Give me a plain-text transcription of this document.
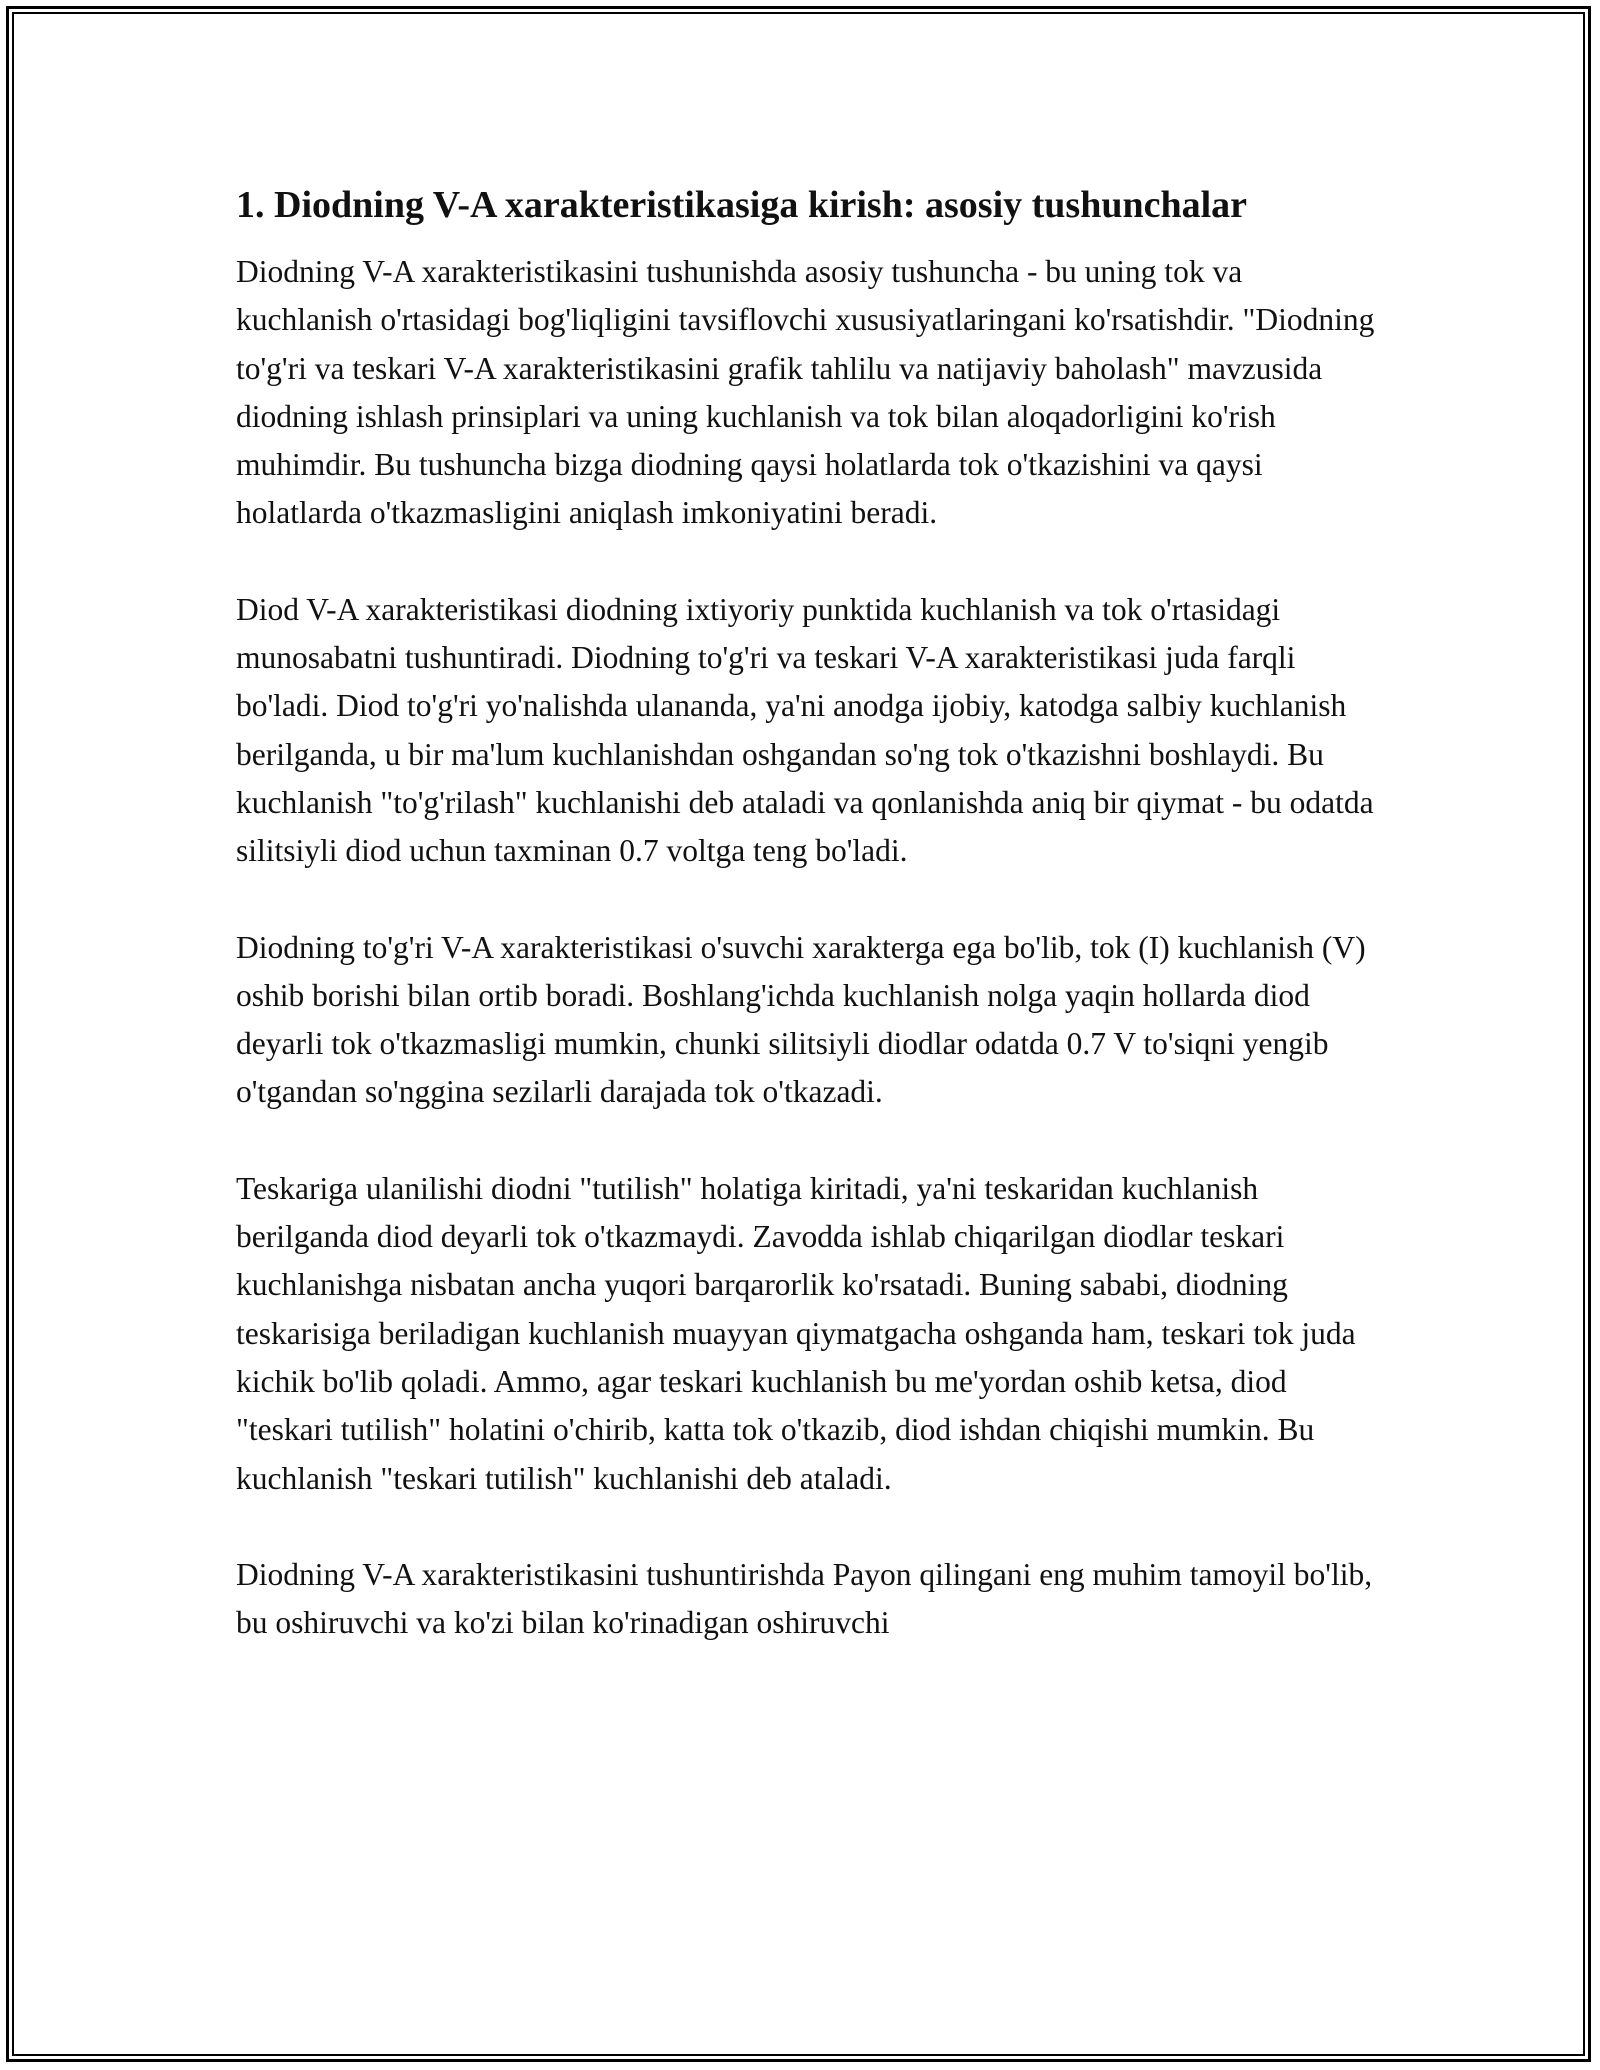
1. Diodning V-A xarakteristikasiga kirish: asosiy tushunchalar

Diodning V-A xarakteristikasini tushunishda asosiy tushuncha - bu uning tok va kuchlanish o'rtasidagi bog'liqligini tavsiflovchi xususiyatlaringani ko'rsatishdir. "Diodning to'g'ri va teskari V-A xarakteristikasini grafik tahlilu va natijaviy baholash" mavzusida diodning ishlash prinsiplari va uning kuchlanish va tok bilan aloqadorligini ko'rish muhimdir. Bu tushuncha bizga diodning qaysi holatlarda tok o'tkazishini va qaysi holatlarda o'tkazmasligini aniqlash imkoniyatini beradi.

Diod V-A xarakteristikasi diodning ixtiyoriy punktida kuchlanish va tok o'rtasidagi munosabatni tushuntiradi. Diodning to'g'ri va teskari V-A xarakteristikasi juda farqli bo'ladi. Diod to'g'ri yo'nalishda ulananda, ya'ni anodga ijobiy, katodga salbiy kuchlanish berilganda, u bir ma'lum kuchlanishdan oshgandan so'ng tok o'tkazishni boshlaydi. Bu kuchlanish "to'g'rilash" kuchlanishi deb ataladi va qonlanishda aniq bir qiymat - bu odatda silitsiyli diod uchun taxminan 0.7 voltga teng bo'ladi.

Diodning to'g'ri V-A xarakteristikasi o'suvchi xarakterga ega bo'lib, tok (I) kuchlanish (V) oshib borishi bilan ortib boradi. Boshlang'ichda kuchlanish nolga yaqin hollarda diod deyarli tok o'tkazmasligi mumkin, chunki silitsiyli diodlar odatda 0.7 V to'siqni yengib o'tgandan so'nggina sezilarli darajada tok o'tkazadi.

Teskariga ulanilishi diodni "tutilish" holatiga kiritadi, ya'ni teskaridan kuchlanish berilganda diod deyarli tok o'tkazmaydi. Zavodda ishlab chiqarilgan diodlar teskari kuchlanishga nisbatan ancha yuqori barqarorlik ko'rsatadi. Buning sababi, diodning teskarisiga beriladigan kuchlanish muayyan qiymatgacha oshganda ham, teskari tok juda kichik bo'lib qoladi. Ammo, agar teskari kuchlanish bu me'yordan oshib ketsa, diod "teskari tutilish" holatini o'chirib, katta tok o'tkazib, diod ishdan chiqishi mumkin. Bu kuchlanish "teskari tutilish" kuchlanishi deb ataladi.

Diodning V-A xarakteristikasini tushuntirishda Payon qilingani eng muhim tamoyil bo'lib, bu oshiruvchi va ko'zi bilan ko'rinadigan oshiruvchi
